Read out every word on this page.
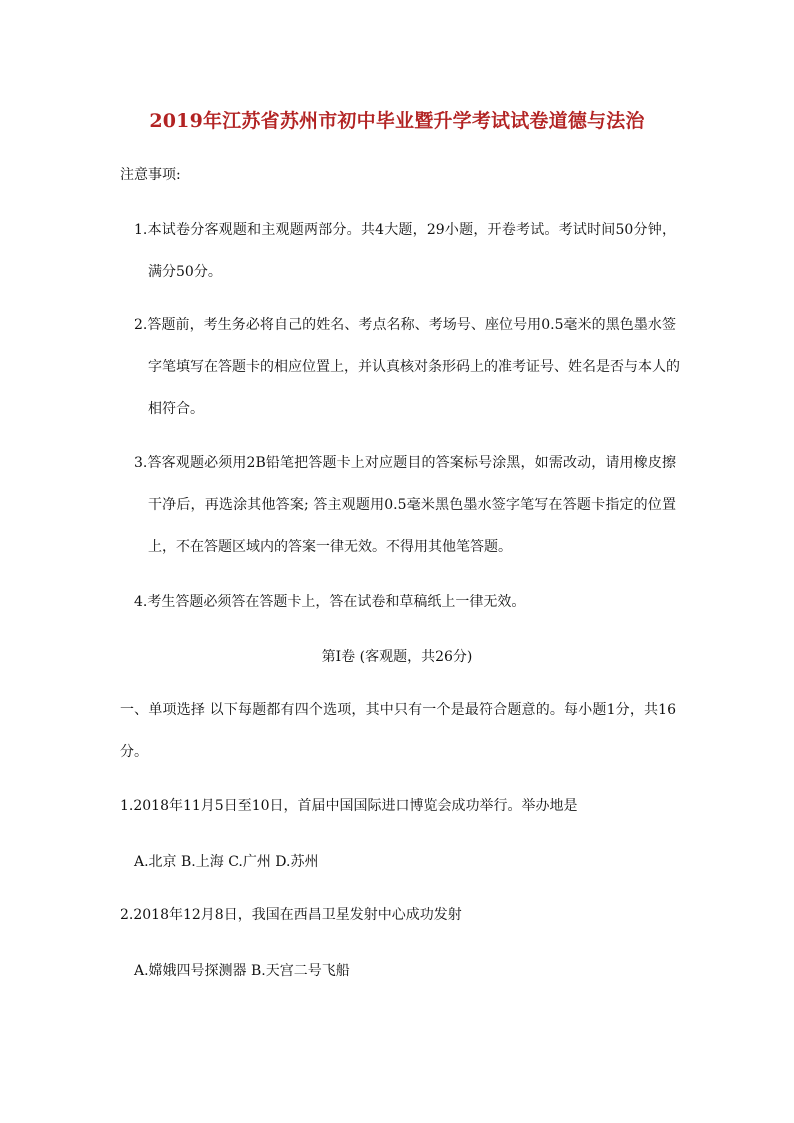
2019年江苏省苏州市初中毕业暨升学考试试卷道德与法治
注意事项:
1.本试卷分客观题和主观题两部分。共4大题，29小题，开卷考试。考试时间50分钟，
满分50分。
2.答题前，考生务必将自己的姓名、考点名称、考场号、座位号用0.5毫米的黑色墨水签
字笔填写在答题卡的相应位置上，并认真核对条形码上的准考证号、姓名是否与本人的
相符合。
3.答客观题必须用2B铅笔把答题卡上对应题目的答案标号涂黑，如需改动，请用橡皮擦
干净后，再选涂其他答案; 答主观题用0.5毫米黑色墨水签字笔写在答题卡指定的位置
上，不在答题区域内的答案一律无效。不得用其他笔答题。
4.考生答题必须答在答题卡上，答在试卷和草稿纸上一律无效。
第I卷 (客观题，共26分)
一、单项选择 以下每题都有四个选项，其中只有一个是最符合题意的。每小题1分，共16
分。
1.2018年11月5日至10日，首届中国国际进口博览会成功举行。举办地是
A.北京 B.上海 C.广州 D.苏州
2.2018年12月8日，我国在西昌卫星发射中心成功发射
A.嫦娥四号探测器 B.天宫二号飞船
